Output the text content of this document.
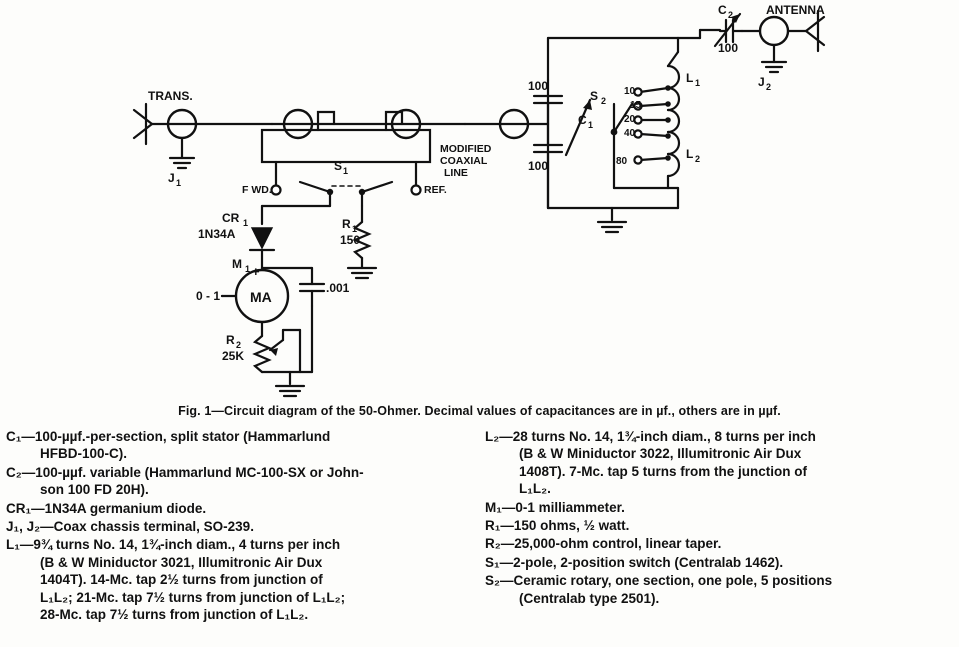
TRANS.
J 1
MODIFIED
COAXIAL
LINE
S 1
F WD.	REF.
CR 1
1N34A
R 1
150
M 1 +
0 - 1 MA
.001
R 2
25K
100
100
C 1
S 2
10
15
20
40
80
L 1
L 2
C 2
100
ANTENNA
J 2
Fig. 1—Circuit diagram of the 50-Ohmer. Decimal values of capacitances are in µf., others are in µµf.
C₁—100-µµf.-per-section, split stator (Hammarlund

HFBD-100-C).
C₂—100-µµf. variable (Hammarlund MC-100-SX or John-

son 100 FD 20H).
CR₁—1N34A germanium diode.
J₁, J₂—Coax chassis terminal, SO-239.
L₁—9¾ turns No. 14, 1¾-inch diam., 4 turns per inch

(B & W Miniductor 3021, Illumitronic Air Dux
1404T). 14-Mc. tap 2½ turns from junction of
L₁L₂; 21-Mc. tap 7½ turns from junction of L₁L₂;
28-Mc. tap 7½ turns from junction of L₁L₂.
L₂—28 turns No. 14, 1¾-inch diam., 8 turns per inch

(B & W Miniductor 3022, Illumitronic Air Dux
1408T). 7-Mc. tap 5 turns from the junction of
L₁L₂.
M₁—0-1 milliammeter.
R₁—150 ohms, ½ watt.
R₂—25,000-ohm control, linear taper.
S₁—2-pole, 2-position switch (Centralab 1462).
S₂—Ceramic rotary, one section, one pole, 5 positions

(Centralab type 2501).
